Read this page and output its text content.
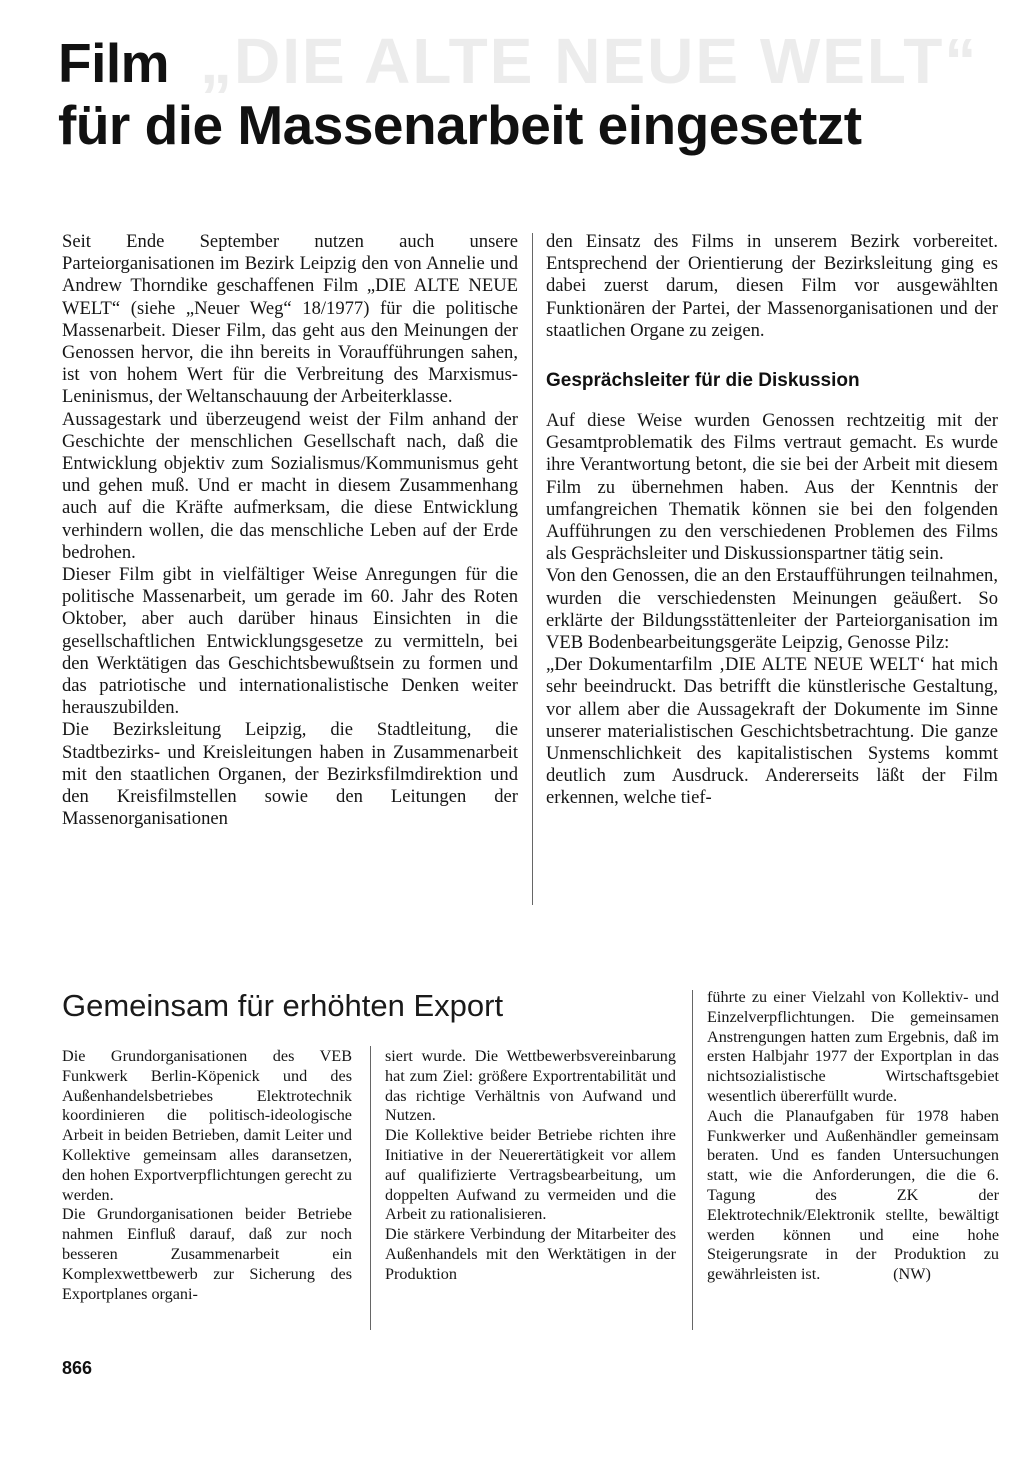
„DIE ALTE NEUE WELT“
Film
für die Massenarbeit eingesetzt

Seit Ende September nutzen auch unsere Parteiorganisationen im Bezirk Leipzig den von Annelie und Andrew Thorndike geschaffenen Film „DIE ALTE NEUE WELT“ (siehe „Neuer Weg“ 18/1977) für die politische Massenarbeit. Dieser Film, das geht aus den Meinungen der Genossen hervor, die ihn bereits in Voraufführungen sahen, ist von hohem Wert für die Verbreitung des Marxismus-Leninismus, der Weltanschauung der Arbeiterklasse.

Aussagestark und überzeugend weist der Film anhand der Geschichte der menschlichen Gesellschaft nach, daß die Entwicklung objektiv zum Sozialismus/Kommunismus geht und gehen muß. Und er macht in diesem Zusammenhang auch auf die Kräfte aufmerksam, die diese Entwicklung verhindern wollen, die das menschliche Leben auf der Erde bedrohen.

Dieser Film gibt in vielfältiger Weise Anregungen für die politische Massenarbeit, um gerade im 60. Jahr des Roten Oktober, aber auch darüber hinaus Einsichten in die gesellschaftlichen Entwicklungsgesetze zu vermitteln, bei den Werktätigen das Geschichtsbewußtsein zu formen und das patriotische und internationalistische Denken weiter herauszubilden.

Die Bezirksleitung Leipzig, die Stadtleitung, die Stadtbezirks- und Kreisleitungen haben in Zusammenarbeit mit den staatlichen Organen, der Bezirksfilmdirektion und den Kreisfilmstellen sowie den Leitungen der Massenorganisationen

den Einsatz des Films in unserem Bezirk vorbereitet. Entsprechend der Orientierung der Bezirksleitung ging es dabei zuerst darum, diesen Film vor ausgewählten Funktionären der Partei, der Massenorganisationen und der staatlichen Organe zu zeigen.

Gesprächsleiter für die Diskussion

Auf diese Weise wurden Genossen rechtzeitig mit der Gesamtproblematik des Films vertraut gemacht. Es wurde ihre Verantwortung betont, die sie bei der Arbeit mit diesem Film zu übernehmen haben. Aus der Kenntnis der umfangreichen Thematik können sie bei den folgenden Aufführungen zu den verschiedenen Problemen des Films als Gesprächsleiter und Diskussionspartner tätig sein.

Von den Genossen, die an den Erstaufführungen teilnahmen, wurden die verschiedensten Meinungen geäußert. So erklärte der Bildungsstättenleiter der Parteiorganisation im VEB Bodenbearbeitungsgeräte Leipzig, Genosse Pilz:

„Der Dokumentarfilm ‚DIE ALTE NEUE WELT‘ hat mich sehr beeindruckt. Das betrifft die künstlerische Gestaltung, vor allem aber die Aussagekraft der Dokumente im Sinne unserer materialistischen Geschichtsbetrachtung. Die ganze Unmenschlichkeit des kapitalistischen Systems kommt deutlich zum Ausdruck. Andererseits läßt der Film erkennen, welche tief-

Gemeinsam für erhöhten Export

Die Grundorganisationen des VEB Funkwerk Berlin-Köpenick und des Außenhandelsbetriebes Elektrotechnik koordinieren die politisch-ideologische Arbeit in beiden Betrieben, damit Leiter und Kollektive gemeinsam alles daransetzen, den hohen Exportverpflichtungen gerecht zu werden.

Die Grundorganisationen beider Betriebe nahmen Einfluß darauf, daß zur noch besseren Zusammenarbeit ein Komplexwettbewerb zur Sicherung des Exportplanes organi-

siert wurde. Die Wettbewerbsvereinbarung hat zum Ziel: größere Exportrentabilität und das richtige Verhältnis von Aufwand und Nutzen.

Die Kollektive beider Betriebe richten ihre Initiative in der Neuerertätigkeit vor allem auf qualifizierte Vertragsbearbeitung, um doppelten Aufwand zu vermeiden und die Arbeit zu rationalisieren.

Die stärkere Verbindung der Mitarbeiter des Außenhandels mit den Werktätigen in der Produktion

führte zu einer Vielzahl von Kollektiv- und Einzelverpflichtungen. Die gemeinsamen Anstrengungen hatten zum Ergebnis, daß im ersten Halbjahr 1977 der Exportplan in das nichtsozialistische Wirtschaftsgebiet wesentlich übererfüllt wurde.

Auch die Planaufgaben für 1978 haben Funkwerker und Außenhändler gemeinsam beraten. Und es fanden Untersuchungen statt, wie die Anforderungen, die die 6. Tagung des ZK der Elektrotechnik/Elektronik stellte, bewältigt werden können und eine hohe Steigerungsrate in der Produktion zu gewährleisten ist.                  (NW)

866
